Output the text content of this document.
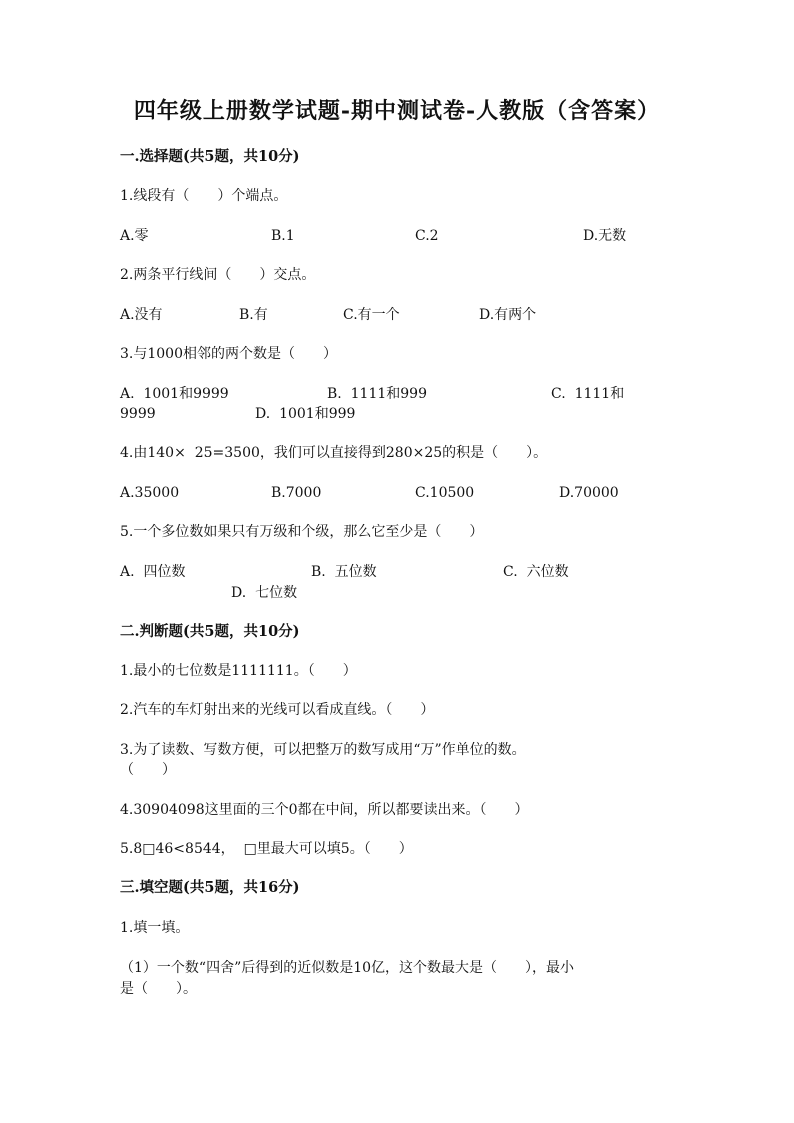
四年级上册数学试题-期中测试卷-人教版（含答案）
一.选择题(共5题，共10分)
1.线段有（　　）个端点。
A.零	B.1	C.2	D.无数
2.两条平行线间（　　）交点。
A.没有	B.有	C.有一个	D.有两个
3.与1000相邻的两个数是（　　）
A.  1001和9999	B.  1111和999	C.  1111和
9999	D.  1001和999
4.由140×  25=3500，我们可以直接得到280×25的积是（　　）。
A.35000	B.7000	C.10500	D.70000
5.一个多位数如果只有万级和个级，那么它至少是（　　）
A.  四位数	B.  五位数	C.  六位数
D.  七位数
二.判断题(共5题，共10分)
1.最小的七位数是1111111。（　　）
2.汽车的车灯射出来的光线可以看成直线。（　　）
3.为了读数、写数方便，可以把整万的数写成用“万”作单位的数。
（　　）
4.30904098这里面的三个0都在中间，所以都要读出来。（　　）
5.8□46<8544，  □里最大可以填5。（　　）
三.填空题(共5题，共16分)
1.填一填。
（1）一个数“四舍”后得到的近似数是10亿，这个数最大是（　　），最小
是（　　）。
